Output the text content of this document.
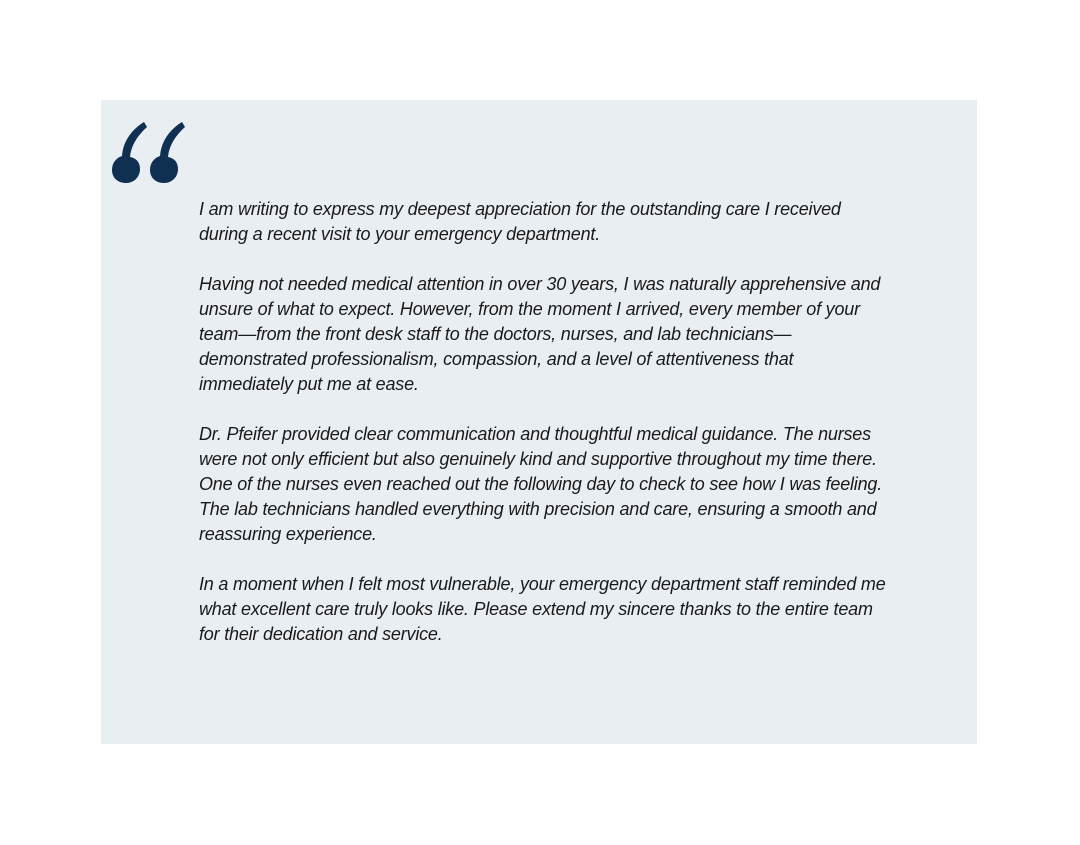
I am writing to express my deepest appreciation for the outstanding care I received during a recent visit to your emergency department.

Having not needed medical attention in over 30 years, I was naturally apprehensive and unsure of what to expect. However, from the moment I arrived, every member of your team—from the front desk staff to the doctors, nurses, and lab technicians—demonstrated professionalism, compassion, and a level of attentiveness that immediately put me at ease.

Dr. Pfeifer provided clear communication and thoughtful medical guidance. The nurses were not only efficient but also genuinely kind and supportive throughout my time there. One of the nurses even reached out the following day to check to see how I was feeling. The lab technicians handled everything with precision and care, ensuring a smooth and reassuring experience.

In a moment when I felt most vulnerable, your emergency department staff reminded me what excellent care truly looks like. Please extend my sincere thanks to the entire team for their dedication and service.
